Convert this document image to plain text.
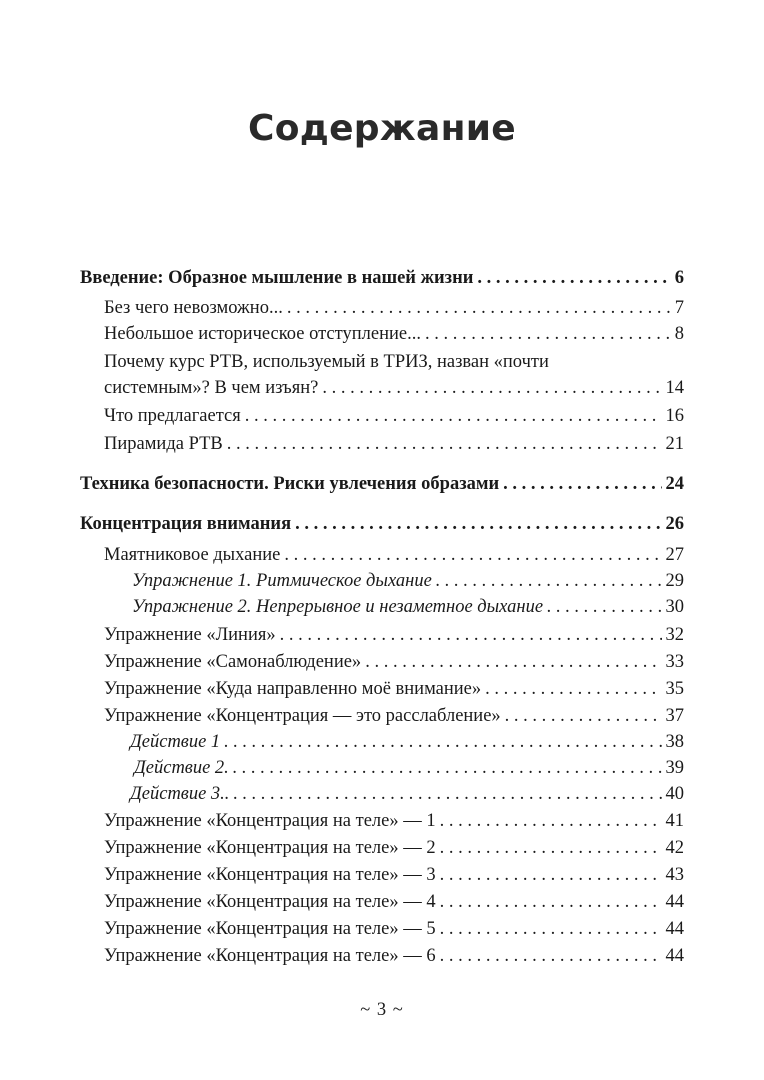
Содержание
Введение: Образное мышление в нашей жизни . . .	6
Без чего невозможно... . . .	7
Небольшое историческое отступление... . . .	8
Почему курс РТВ, используемый в ТРИЗ, назван «почти
системным»? В чем изъян? . . .	14
Что предлагается . . .	16
Пирамида РТВ . . .	21
Техника безопасности. Риски увлечения образами . . .	24
Концентрация внимания . . .	26
Маятниковое дыхание . . .	27
Упражнение 1. Ритмическое дыхание . . .	29
Упражнение 2. Непрерывное и незаметное дыхание . . .	30
Упражнение «Линия» . . .	32
Упражнение «Самонаблюдение» . . .	33
Упражнение «Куда направленно моё внимание» . . .	35
Упражнение «Концентрация — это расслабление» . . .	37
Действие 1 . . .	38
Действие 2. . . .	39
Действие 3.. . . .	40
Упражнение «Концентрация на теле» — 1 . . .	41
Упражнение «Концентрация на теле» — 2 . . .	42
Упражнение «Концентрация на теле» — 3 . . .	43
Упражнение «Концентрация на теле» — 4 . . .	44
Упражнение «Концентрация на теле» — 5 . . .	44
Упражнение «Концентрация на теле» — 6 . . .	44
~ 3 ~
